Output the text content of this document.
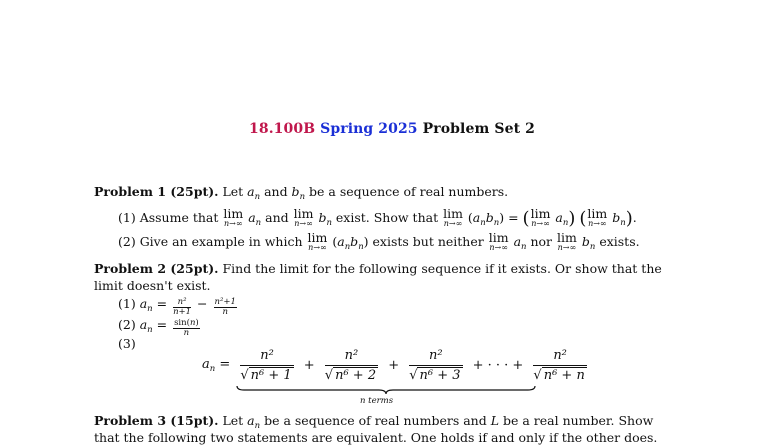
18.100B Spring 2025 Problem Set 2
Problem 1 (25pt). Let $a_n$ and $b_n$ be a sequence of real numbers.
(1) Assume that lim
n→∞ $a_n$ and lim
n→∞ $b_n$ exist. Show that lim
n→∞ $(a_nb_n)$ = ( lim
n→∞ $a_n$) ( lim
n→∞ $b_n$).
(2) Give an example in which lim
n→∞ $(a_nb_n)$ exists but neither lim
n→∞ $a_n$ nor lim
n→∞ $b_n$ exists.
Problem 2 (25pt). Find the limit for the following sequence if it exists. Or show that the
limit doesn't exist.
(1) $a_n = \frac{\text{n²}}{n+1} - \frac{\text{n²+1}}{n}$
(2) $a_n = \frac{\sin(n)}{n}$
(3)
$a_n = \frac{\text{n²}}{\text{√ n⁶ + 1}} + \frac{\text{n²}}{\text{√ n⁶ + 2}} + \frac{\text{n²}}{\text{√ n⁶ + 3}}$ + · · · + $\frac{\text{n²}}{\text{√ n⁶ + n}}$
n terms
Problem 3 (15pt). Let $a_n$ be a sequence of real numbers and L be a real number. Show
that the following two statements are equivalent. One holds if and only if the other does.
